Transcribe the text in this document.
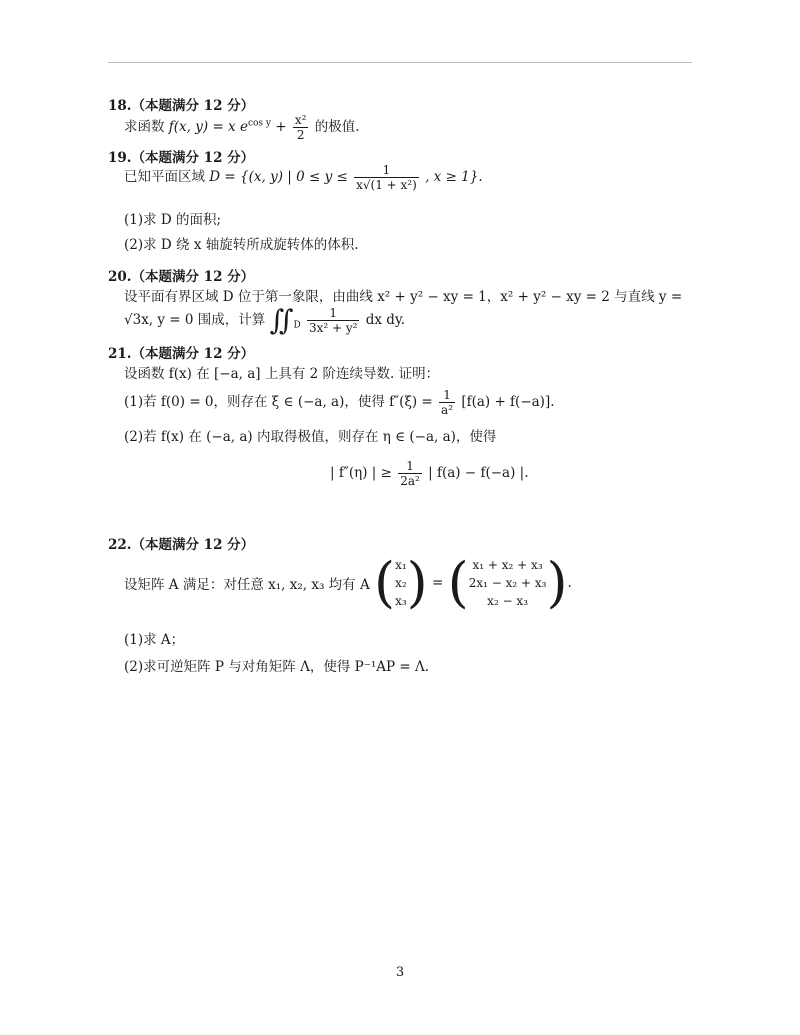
18.（本题满分 12 分）
求函数 f(x, y) = x $e^{cos y} + \frac{\text{x²}}{2}$ 的极值.
19.（本题满分 12 分）
已知平面区域 D = {(x, y) | $0 \le y \le \frac{1}{\text{x√(1 + x²)}}$ , x ≥ 1}.
(1)求 D 的面积;
(2)求 D 绕 x 轴旋转所成旋转体的体积.
20.（本题满分 12 分）
设平面有界区域 D 位于第一象限，由曲线 x² + y² − xy = 1，x² + y² − xy = 2 与直线 y =
√3x, y = 0 围成，计算 $∬_D \frac{1}{\text{3x² + y²}}$ dx dy.
21.（本题满分 12 分）
设函数 f(x) 在 [−a, a] 上具有 2 阶连续导数. 证明：
(1)若 f(0) = 0，则存在 ξ ∈ (−a, a)，使得 $f''(\xi) = \frac{1}{\text{a²}} [f(a) + f(-a)]$.
(2)若 f(x) 在 (−a, a) 内取得极值，则存在 η ∈ (−a, a)，使得
| f″(η) | ≥ $\frac{1}{\text{2a²}}$ | f(a) − f(−a) |.
22.（本题满分 12 分）
设矩阵 A 满足：对任意 x₁, x₂, x₃ 均有 A (x₁
x₂
x₃) = ( x₁ + x₂ + x₃
2x₁ − x₂ + x₃
x₂ − x₃ ).
(1)求 A；
(2)求可逆矩阵 P 与对角矩阵 Λ，使得 P⁻¹AP = Λ.
3
